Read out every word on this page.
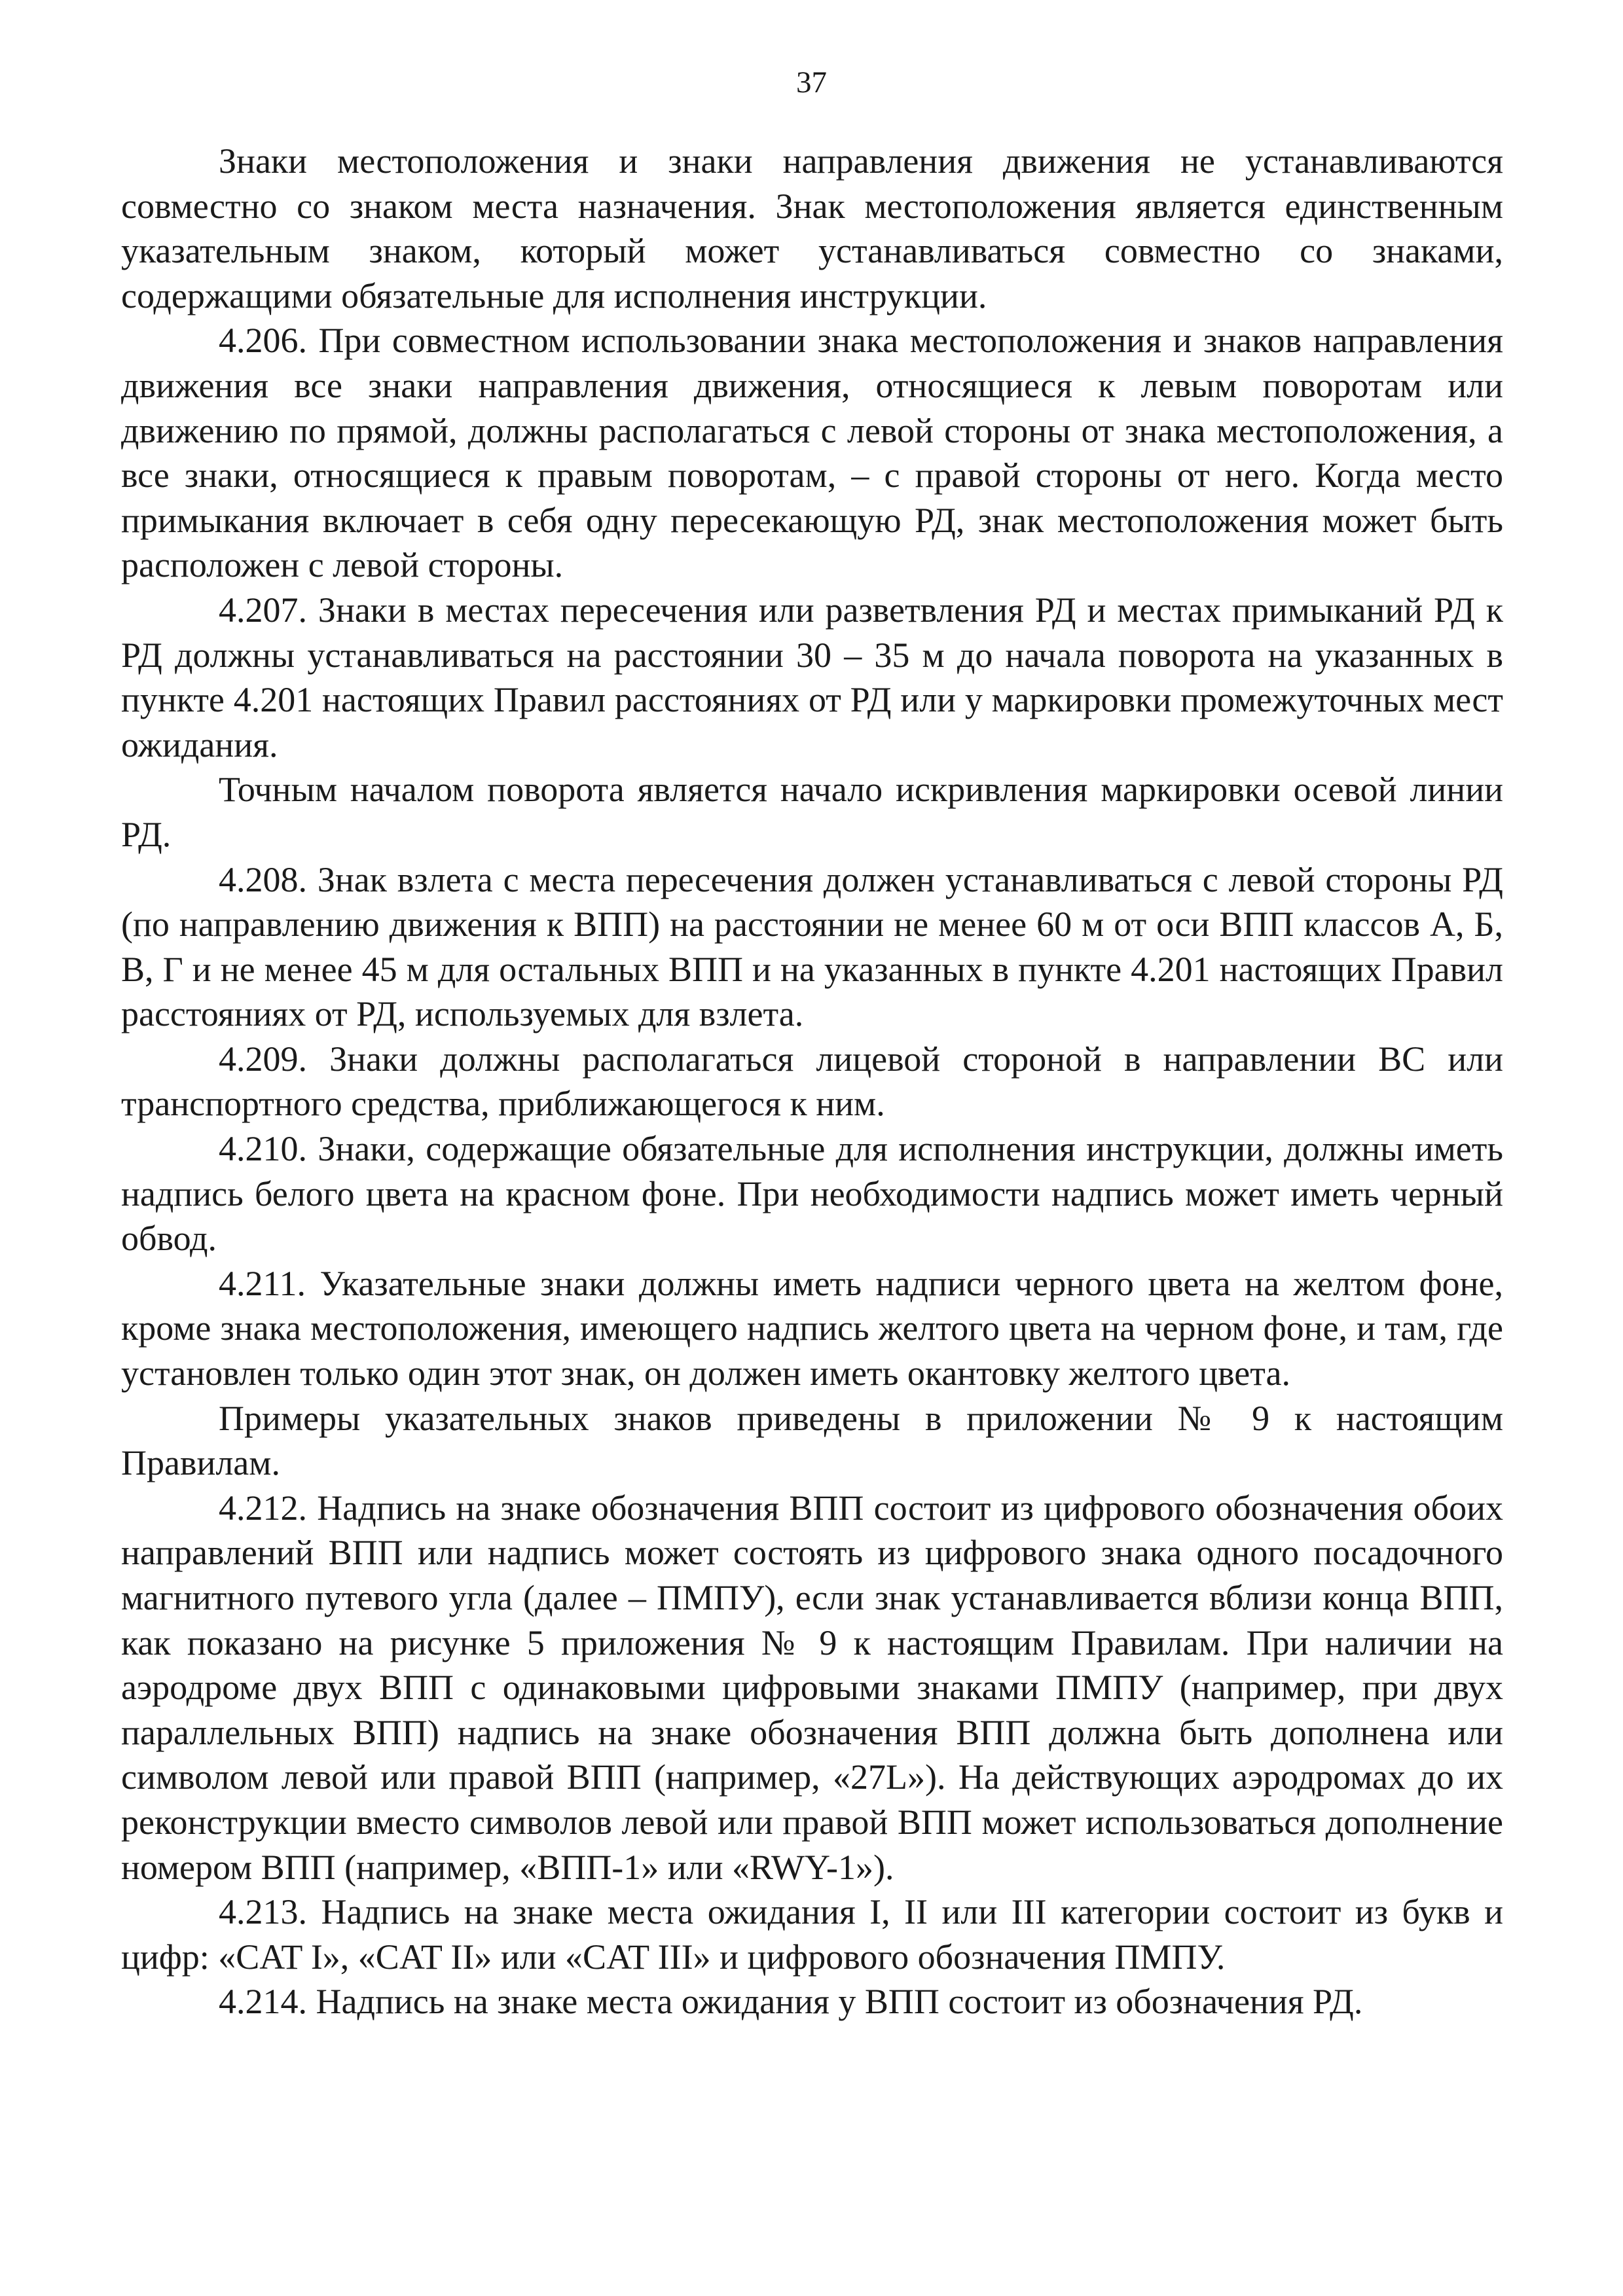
37

Знаки местоположения и знаки направления движения не устанавливаются совместно со знаком места назначения. Знак местоположения является единственным указательным знаком, который может устанавливаться совместно со знаками, содержащими обязательные для исполнения инструкции.

4.206. При совместном использовании знака местоположения и знаков направления движения все знаки направления движения, относящиеся к левым поворотам или движению по прямой, должны располагаться с левой стороны от знака местоположения, а все знаки, относящиеся к правым поворотам, – с правой стороны от него. Когда место примыкания включает в себя одну пересекающую РД, знак местоположения может быть расположен с левой стороны.

4.207. Знаки в местах пересечения или разветвления РД и местах примыканий РД к РД должны устанавливаться на расстоянии 30 – 35 м до начала поворота на указанных в пункте 4.201 настоящих Правил расстояниях от РД или у маркировки промежуточных мест ожидания.

Точным началом поворота является начало искривления маркировки осевой линии РД.

4.208. Знак взлета с места пересечения должен устанавливаться с левой стороны РД (по направлению движения к ВПП) на расстоянии не менее 60 м от оси ВПП классов А, Б, В, Г и не менее 45 м для остальных ВПП и на указанных в пункте 4.201 настоящих Правил расстояниях от РД, используемых для взлета.

4.209. Знаки должны располагаться лицевой стороной в направлении ВС или транспортного средства, приближающегося к ним.

4.210. Знаки, содержащие обязательные для исполнения инструкции, должны иметь надпись белого цвета на красном фоне. При необходимости надпись может иметь черный обвод.

4.211. Указательные знаки должны иметь надписи черного цвета на желтом фоне, кроме знака местоположения, имеющего надпись желтого цвета на черном фоне, и там, где установлен только один этот знак, он должен иметь окантовку желтого цвета.

Примеры указательных знаков приведены в приложении № 9 к настоящим Правилам.

4.212. Надпись на знаке обозначения ВПП состоит из цифрового обозначения обоих направлений ВПП или надпись может состоять из цифрового знака одного посадочного магнитного путевого угла (далее – ПМПУ), если знак устанавливается вблизи конца ВПП, как показано на рисунке 5 приложения № 9 к настоящим Правилам. При наличии на аэродроме двух ВПП с одинаковыми цифровыми знаками ПМПУ (например, при двух параллельных ВПП) надпись на знаке обозначения ВПП должна быть дополнена или символом левой или правой ВПП (например, «27L»). На действующих аэродромах до их реконструкции вместо символов левой или правой ВПП может использоваться дополнение номером ВПП (например, «ВПП-1» или «RWY-1»).

4.213. Надпись на знаке места ожидания I, II или III категории состоит из букв и цифр: «CAT I», «CAT II» или «CAT III» и цифрового обозначения ПМПУ.

4.214. Надпись на знаке места ожидания у ВПП состоит из обозначения РД.
